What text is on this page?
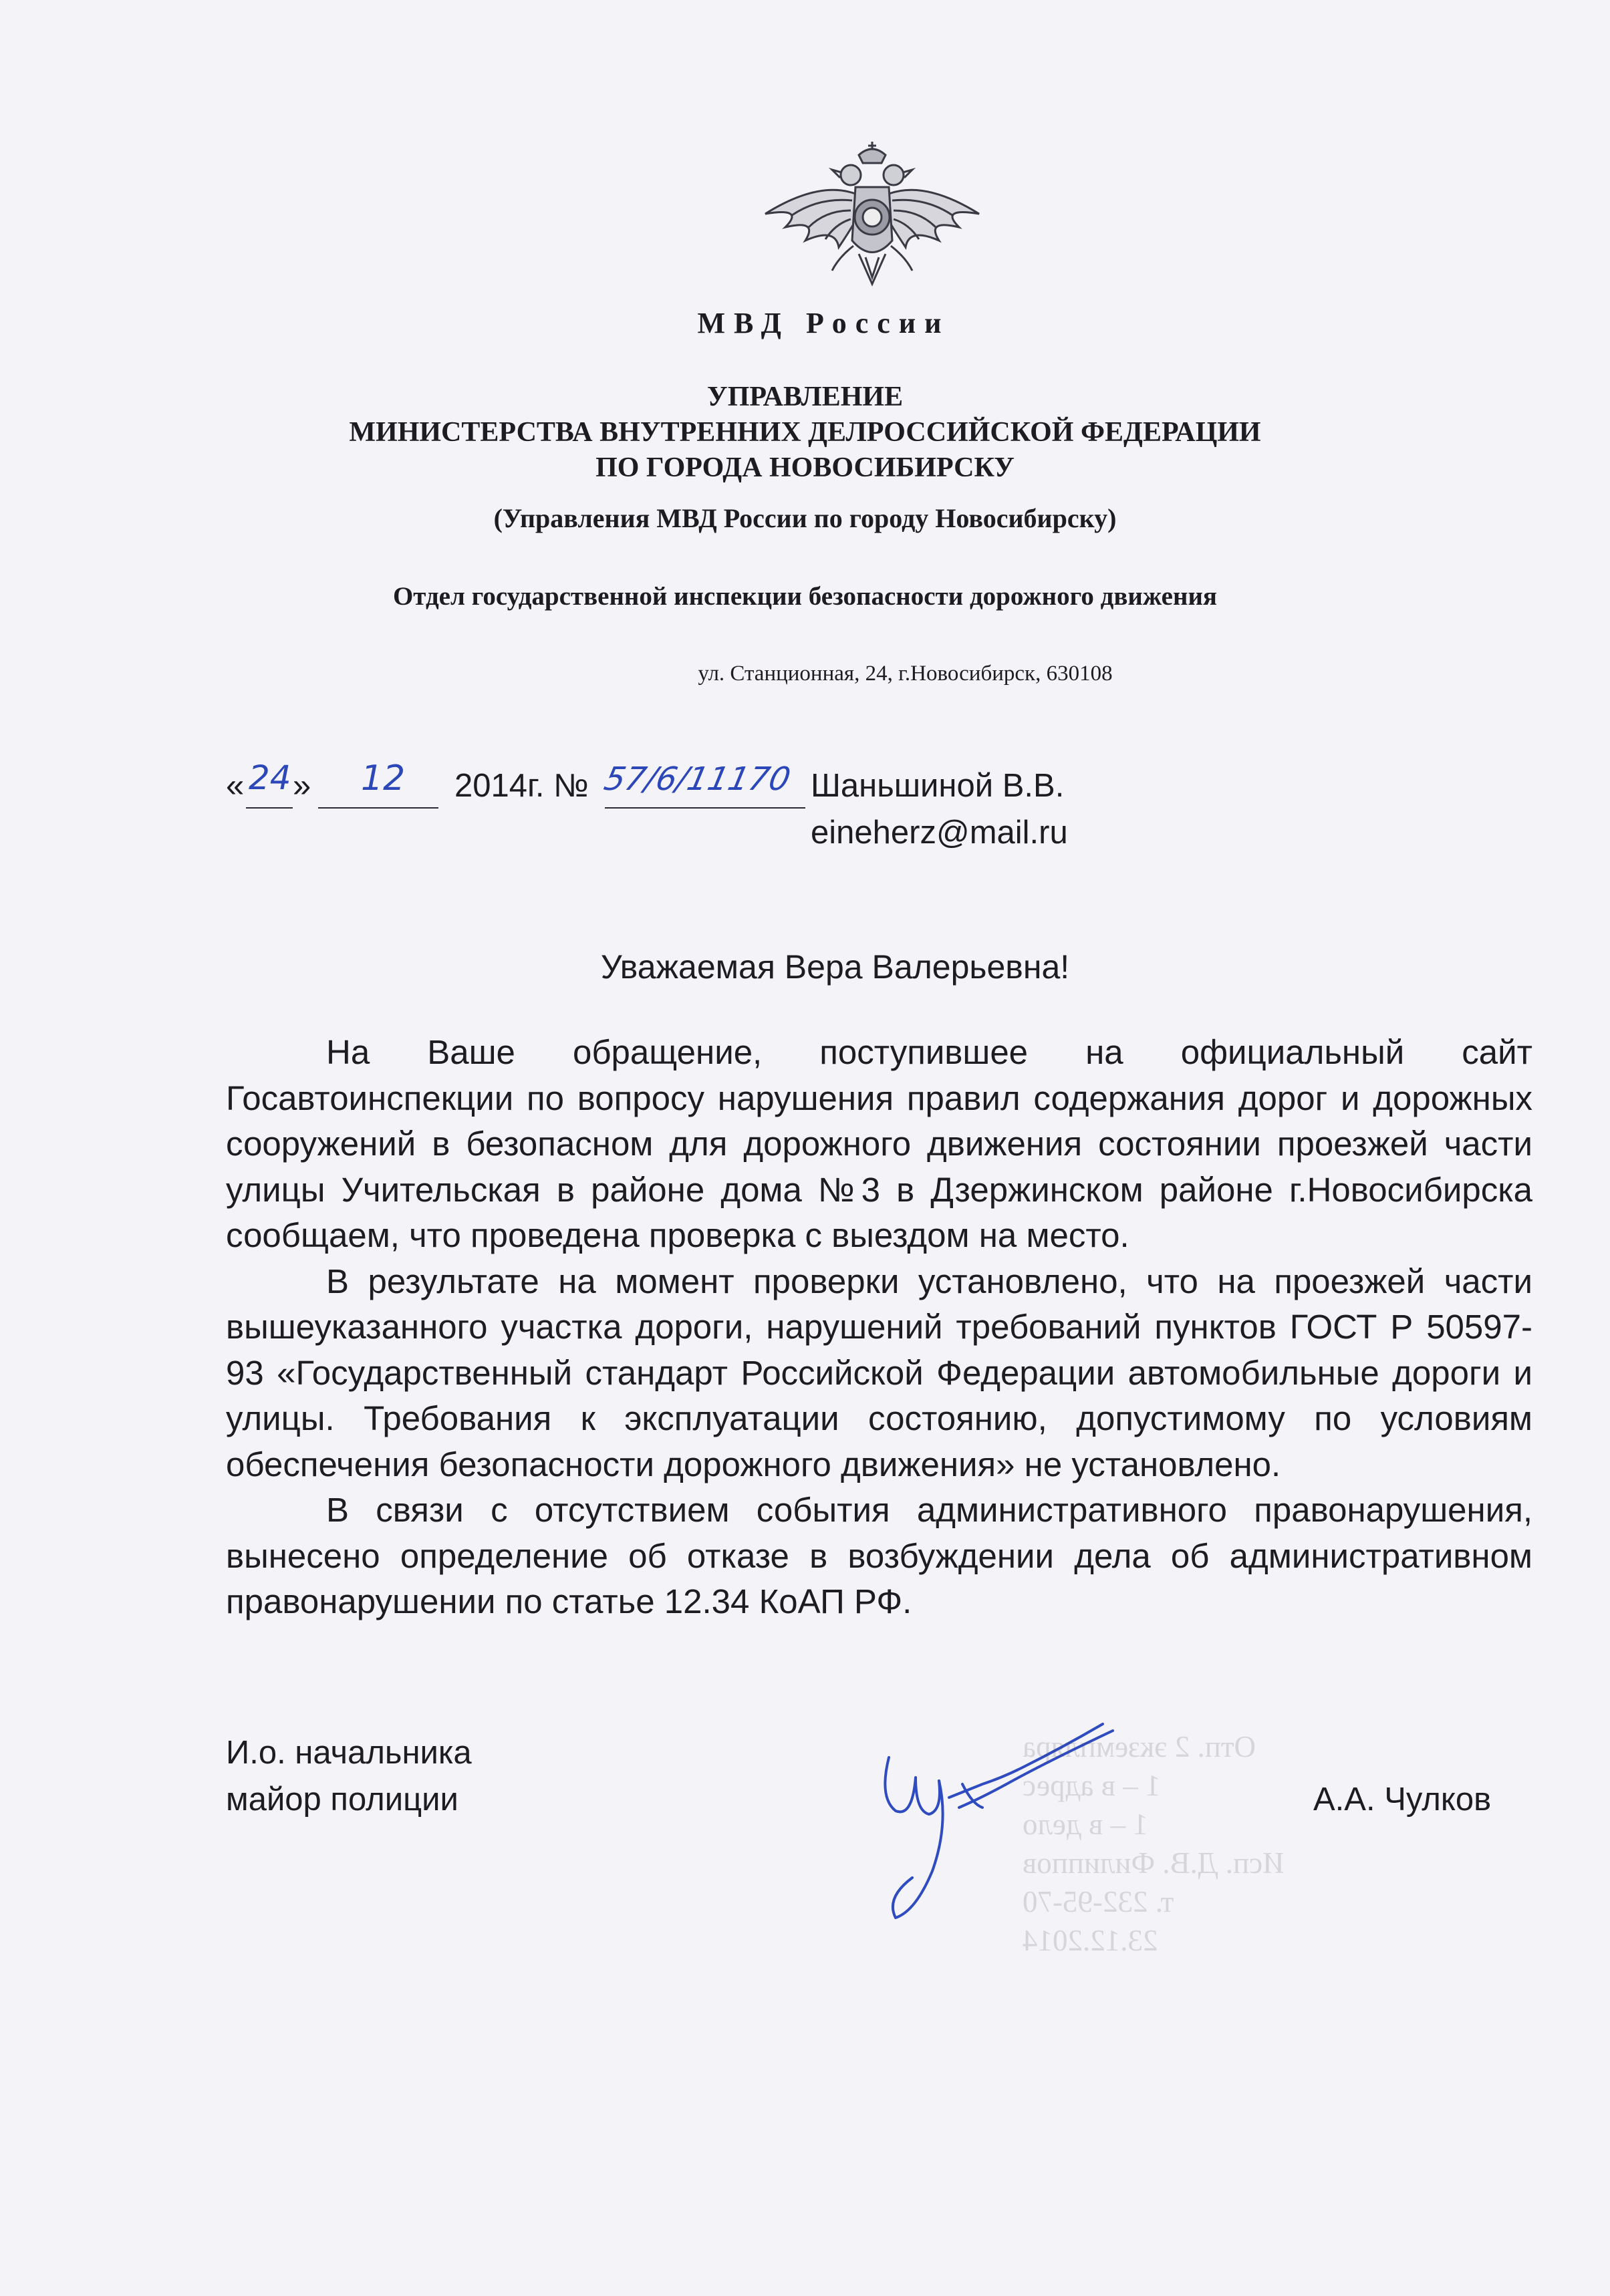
МВД России
УПРАВЛЕНИЕ
МИНИСТЕРСТВА ВНУТРЕННИХ ДЕЛРОССИЙСКОЙ ФЕДЕРАЦИИ
ПО ГОРОДА НОВОСИБИРСКУ
(Управления МВД России по городу Новосибирску)
Отдел государственной инспекции безопасности дорожного движения
ул. Станционная, 24, г.Новосибирск, 630108
« 24 » 12 2014г. № 57/6/11170 Шаньшиной В.В.
eineherz@mail.ru
Уважаемая Вера Валерьевна!

На Ваше обращение, поступившее на официальный сайт Госавтоинспекции по вопросу нарушения правил содержания дорог и дорожных сооружений в безопасном для дорожного движения состоянии проезжей части улицы Учительская в районе дома №3 в Дзержинском районе г.Новосибирска сообщаем, что проведена проверка с выездом на место.

В результате на момент проверки установлено, что на проезжей части вышеуказанного участка дороги, нарушений требований пунктов ГОСТ Р 50597-93 «Государственный стандарт Российской Федерации автомобильные дороги и улицы. Требования к эксплуатации состоянию, допустимому по условиям обеспечения безопасности дорожного движения» не установлено.

В связи с отсутствием события административного правонарушения, вынесено определение об отказе в возбуждении дела об административном правонарушении по статье 12.34 КоАП РФ.

И.о. начальника
майор полиции	А.А. Чулков
Отп. 2 экземпляра
1 – в адрес
1 – в дело
Исп. Д.В. Филиппов
т. 232-95-70
23.12.2014
